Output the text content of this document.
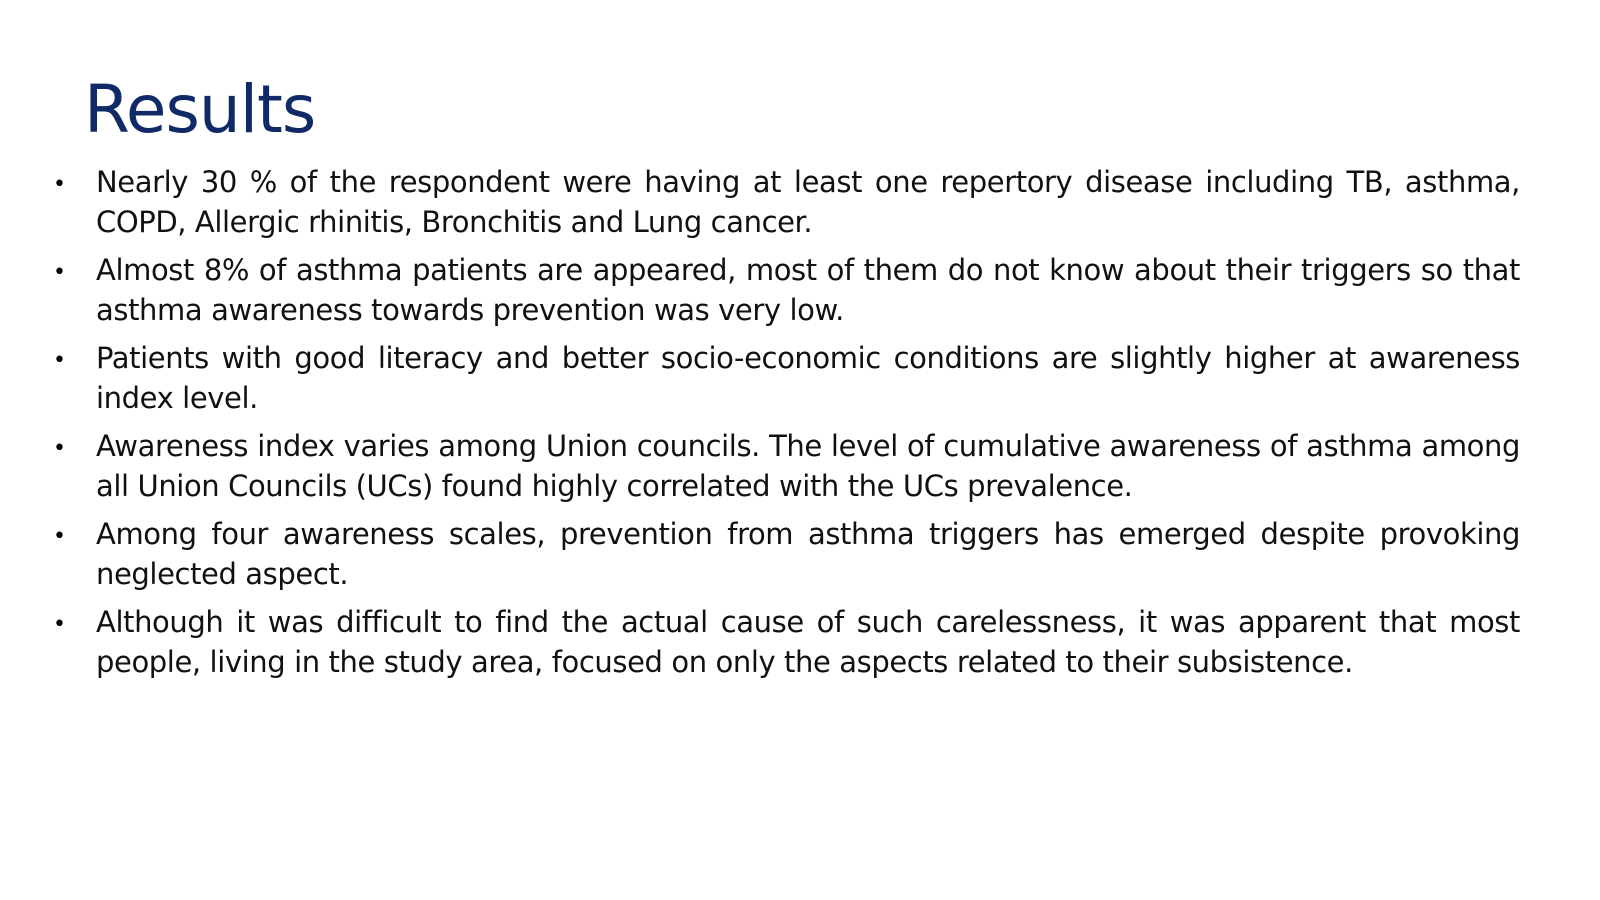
Results
• Nearly 30 % of the respondent were having at least one repertory disease including TB, asthma, COPD, Allergic rhinitis, Bronchitis and Lung cancer.

• Almost 8% of asthma patients are appeared, most of them do not know about their triggers so that asthma awareness towards prevention was very low.

• Patients with good literacy and better socio-economic conditions are slightly higher at awareness index level.

• Awareness index varies among Union councils. The level of cumulative awareness of asthma among all Union Councils (UCs) found highly correlated with the UCs prevalence.

• Among four awareness scales, prevention from asthma triggers has emerged despite provoking neglected aspect.

• Although it was difficult to find the actual cause of such carelessness, it was apparent that most people, living in the study area, focused on only the aspects related to their subsistence.
